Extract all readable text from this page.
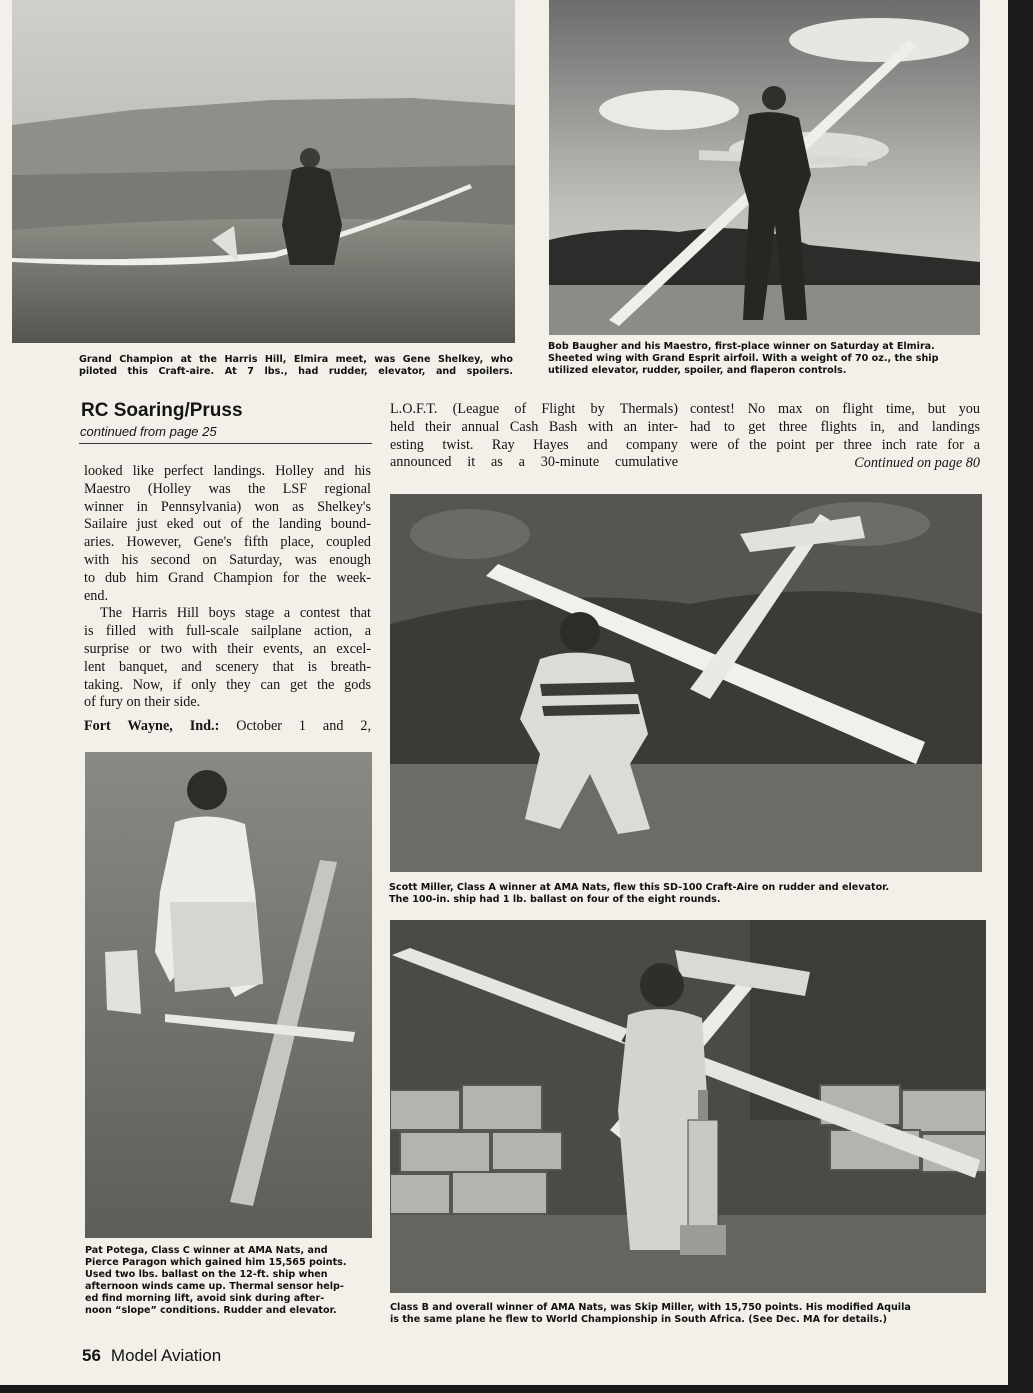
Grand Champion at the Harris Hill, Elmira meet, was Gene Shelkey, who
piloted this Craft-aire. At 7 lbs., had rudder, elevator, and spoilers.
Bob Baugher and his Maestro, first-place winner on Saturday at Elmira.
Sheeted wing with Grand Esprit airfoil. With a weight of 70 oz., the ship
utilized elevator, rudder, spoiler, and flaperon controls.
RC Soaring/Pruss
continued from page 25
looked like perfect landings. Holley and his
Maestro (Holley was the LSF regional
winner in Pennsylvania) won as Shelkey's
Sailaire just eked out of the landing bound-
aries. However, Gene's fifth place, coupled
with his second on Saturday, was enough
to dub him Grand Champion for the week-
end.
The Harris Hill boys stage a contest that
is filled with full-scale sailplane action, a
surprise or two with their events, an excel-
lent banquet, and scenery that is breath-
taking. Now, if only they can get the gods
of fury on their side.
Fort Wayne, Ind.: October 1 and 2,
L.O.F.T. (League of Flight by Thermals)
held their annual Cash Bash with an inter-
esting twist. Ray Hayes and company
announced it as a 30-minute cumulative
contest! No max on flight time, but you
had to get three flights in, and landings
were of the point per three inch rate for a
Continued on page 80
Scott Miller, Class A winner at AMA Nats, flew this SD-100 Craft-Aire on rudder and elevator.
The 100-in. ship had 1 lb. ballast on four of the eight rounds.
Pat Potega, Class C winner at AMA Nats, and
Pierce Paragon which gained him 15,565 points.
Used two lbs. ballast on the 12-ft. ship when
afternoon winds came up. Thermal sensor help-
ed find morning lift, avoid sink during after-
noon “slope” conditions. Rudder and elevator.	Class B and overall winner of AMA Nats, was Skip Miller, with 15,750 points. His modified Aquila
is the same plane he flew to World Championship in South Africa. (See Dec. MA for details.)
56 Model Aviation
